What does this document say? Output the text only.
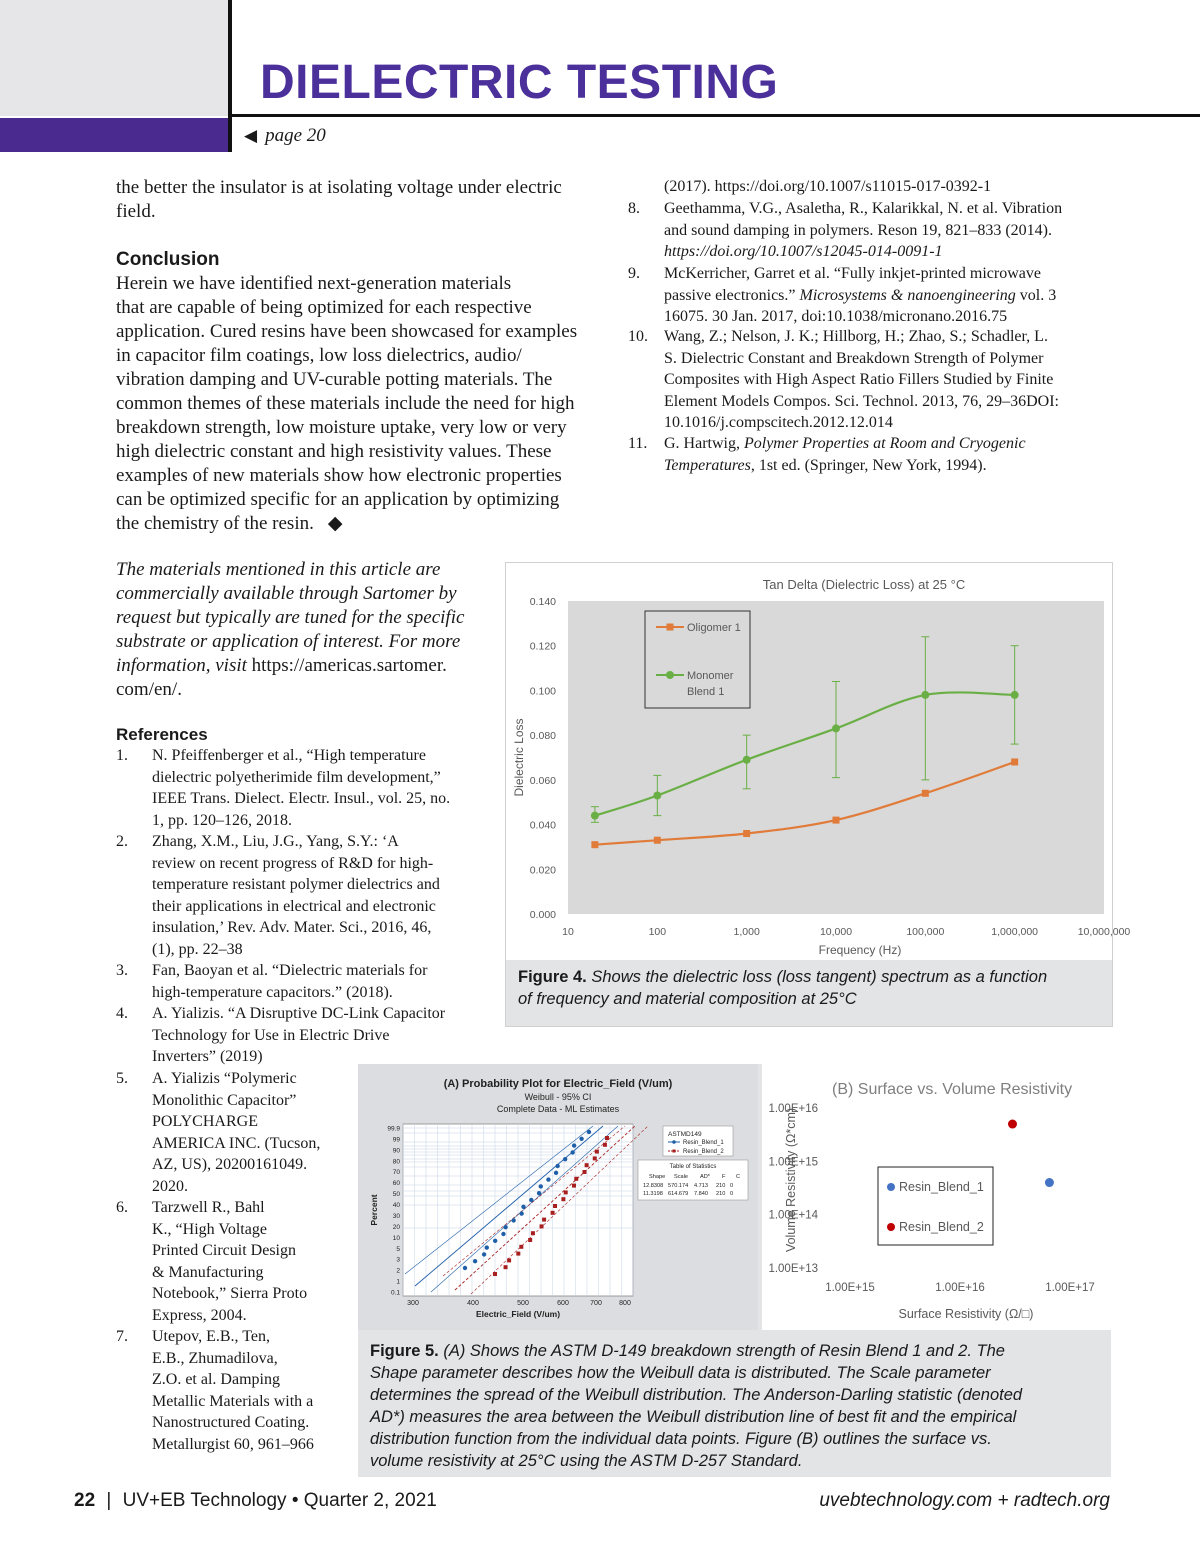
DIELECTRIC TESTING
◀ page 20
the better the insulator is at isolating voltage under electric
field.
Conclusion
Herein we have identified next-generation materials
that are capable of being optimized for each respective
application. Cured resins have been showcased for examples
in capacitor film coatings, low loss dielectrics, audio/
vibration damping and UV-curable potting materials. The
common themes of these materials include the need for high
breakdown strength, low moisture uptake, very low or very
high dielectric constant and high resistivity values. These
examples of new materials show how electronic properties
can be optimized specific for an application by optimizing
the chemistry of the resin. ◆
The materials mentioned in this article are
commercially available through Sartomer by
request but typically are tuned for the specific
substrate or application of interest. For more
information, visit https://americas.sartomer.
com/en/.
References
1. N. Pfeiffenberger et al., “High temperature
dielectric polyetherimide film development,”
IEEE Trans. Dielect. Electr. Insul., vol. 25, no.
1, pp. 120–126, 2018.
2. Zhang, X.M., Liu, J.G., Yang, S.Y.: ‘A
review on recent progress of R&D for high-
temperature resistant polymer dielectrics and
their applications in electrical and electronic
insulation,’ Rev. Adv. Mater. Sci., 2016, 46,
(1), pp. 22–38
3. Fan, Baoyan et al. “Dielectric materials for
high-temperature capacitors.” (2018).
4. A. Yializis. “A Disruptive DC-Link Capacitor
Technology for Use in Electric Drive
Inverters” (2019)
5. A. Yializis “Polymeric
Monolithic Capacitor”
POLYCHARGE
AMERICA INC. (Tucson,
AZ, US), 20200161049.
2020.
6. Tarzwell R., Bahl
K., “High Voltage
Printed Circuit Design
& Manufacturing
Notebook,” Sierra Proto
Express, 2004.
7. Utepov, E.B., Ten,
E.B., Zhumadilova,
Z.O. et al. Damping
Metallic Materials with a
Nanostructured Coating.
Metallurgist 60, 961–966
(2017). https://doi.org/10.1007/s11015-017-0392-1
8. Geethamma, V.G., Asaletha, R., Kalarikkal, N. et al. Vibration
and sound damping in polymers. Reson 19, 821–833 (2014).
https://doi.org/10.1007/s12045-014-0091-1
9. McKerricher, Garret et al. “Fully inkjet-printed microwave
passive electronics.” Microsystems & nanoengineering vol. 3
16075. 30 Jan. 2017, doi:10.1038/micronano.2016.75
10. Wang, Z.; Nelson, J. K.; Hillborg, H.; Zhao, S.; Schadler, L.
S. Dielectric Constant and Breakdown Strength of Polymer
Composites with High Aspect Ratio Fillers Studied by Finite
Element Models Compos. Sci. Technol. 2013, 76, 29–36DOI:
10.1016/j.compscitech.2012.12.014
11. G. Hartwig, Polymer Properties at Room and Cryogenic
Temperatures, 1st ed. (Springer, New York, 1994).
Tan Delta (Dielectric Loss) at 25 °C
0.000
0.020
0.040
0.060
0.080
0.100
0.120
0.140
10	100	1,000	10,000	100,000	1,000,000	10,000,000
Frequency (Hz)
Dielectric Loss
Oligomer 1
Monomer
Blend 1
Figure 4. Shows the dielectric loss (loss tangent) spectrum as a function
of frequency and material composition at 25°C
(A) Probability Plot for Electric_Field (V/um)
Weibull - 95% CI
Complete Data - ML Estimates
99.9
99
90
80
70
60
50
40
30
20
10
5
3
2
1
0.1
300	400	500	600	700 800
Electric_Field (V/um)
Percent
ASTMD149
Resin_Blend_1
Resin_Blend_2
Table of Statistics
Shape Scale AD* F C
12.8308 570.174 4.713 210 0
11.3198 614.679 7.840 210 0
(B) Surface vs. Volume Resistivity
1.00E+13
1.00E+14
1.00E+15
1.00E+16
1.00E+15	1.00E+16	1.00E+17
Surface Resistivity (Ω/□)
Volume Resistivity (Ω*cm)	Resin_Blend_1
Resin_Blend_2
Figure 5. (A) Shows the ASTM D-149 breakdown strength of Resin Blend 1 and 2. The
Shape parameter describes how the Weibull data is distributed. The Scale parameter
determines the spread of the Weibull distribution. The Anderson-Darling statistic (denoted
AD*) measures the area between the Weibull distribution line of best fit and the empirical
distribution function from the individual data points. Figure (B) outlines the surface vs.
volume resistivity at 25°C using the ASTM D-257 Standard.
22 | UV+EB Technology • Quarter 2, 2021	uvebtechnology.com + radtech.org
